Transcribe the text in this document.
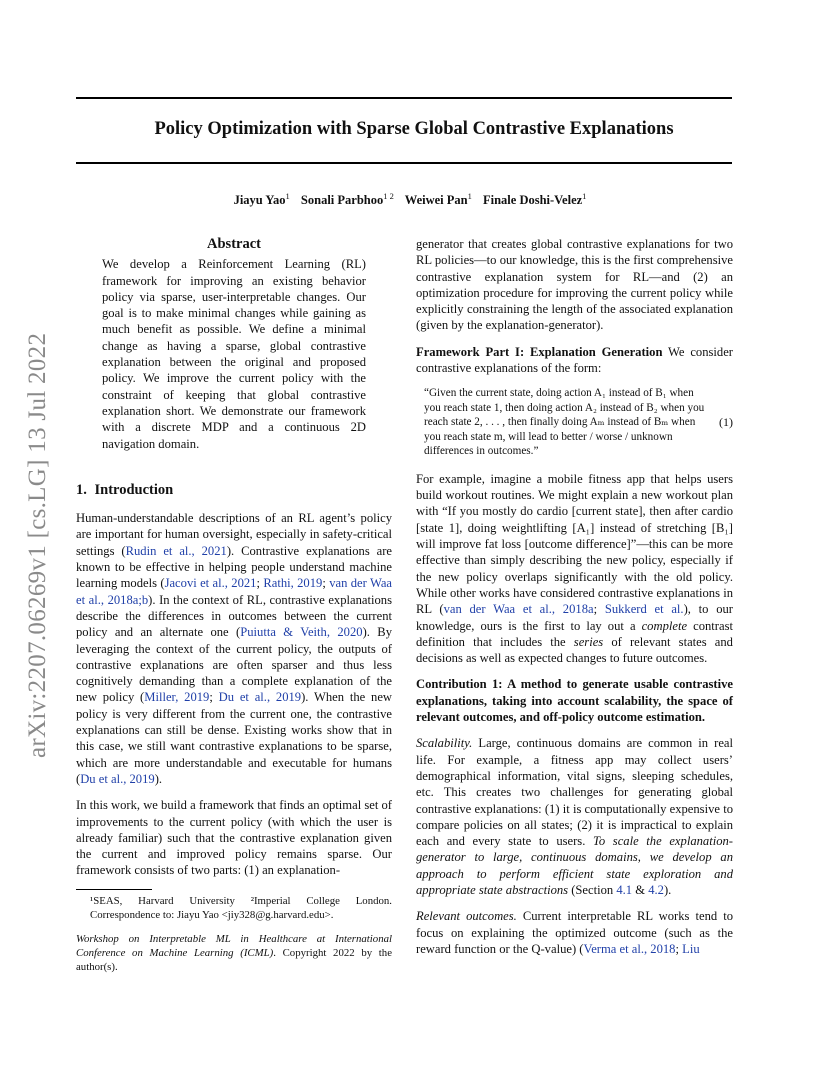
Policy Optimization with Sparse Global Contrastive Explanations
Jiayu Yao$^1$ Sonali Parbhoo$^{1 2}$ Weiwei Pan$^1$ Finale Doshi-Velez$^1$
arXiv:2207.06269v1 [cs.LG] 13 Jul 2022
Abstract

We develop a Reinforcement Learning (RL) framework for improving an existing behavior policy via sparse, user-interpretable changes. Our goal is to make minimal changes while gaining as much benefit as possible. We define a minimal change as having a sparse, global contrastive explanation between the original and proposed policy. We improve the current policy with the constraint of keeping that global contrastive explanation short. We demonstrate our framework with a discrete MDP and a continuous 2D navigation domain.

1. Introduction

Human-understandable descriptions of an RL agent’s policy are important for human oversight, especially in safety-critical settings (Rudin et al., 2021). Contrastive explanations are known to be effective in helping people understand machine learning models (Jacovi et al., 2021; Rathi, 2019; van der Waa et al., 2018a;b). In the context of RL, contrastive explanations describe the differences in outcomes between the current policy and an alternate one (Puiutta & Veith, 2020). By leveraging the context of the current policy, the outputs of contrastive explanations are often sparser and thus less cognitively demanding than a complete explanation of the new policy (Miller, 2019; Du et al., 2019). When the new policy is very different from the current one, the contrastive explanations can still be dense. Existing works show that in this case, we still want contrastive explanations to be sparse, which are more understandable and executable for humans (Du et al., 2019).

In this work, we build a framework that finds an optimal set of improvements to the current policy (with which the user is already familiar) such that the contrastive explanation given the current and improved policy remains sparse. Our framework consists of two parts: (1) an explanation-

¹SEAS, Harvard University ²Imperial College London. Correspondence to: Jiayu Yao <jiy328@g.harvard.edu>.

Workshop on Interpretable ML in Healthcare at International Conference on Machine Learning (ICML). Copyright 2022 by the author(s).

generator that creates global contrastive explanations for two RL policies—to our knowledge, this is the first comprehensive contrastive explanation system for RL—and (2) an optimization procedure for improving the current policy while explicitly constraining the length of the associated explanation (given by the explanation-generator).

Framework Part I: Explanation Generation We consider contrastive explanations of the form:

“Given the current state, doing action A₁ instead of B₁ when you reach state 1, then doing action A₂ instead of B₂ when you reach state 2, . . . , then finally doing Aₘ instead of Bₘ when you reach state m, will lead to better / worse / unknown differences in outcomes.”
(1)

For example, imagine a mobile fitness app that helps users build workout routines. We might explain a new workout plan with “If you mostly do cardio [current state], then after cardio [state 1], doing weightlifting [A₁] instead of stretching [B₁] will improve fat loss [outcome difference]”—this can be more effective than simply describing the new policy, especially if the new policy overlaps significantly with the old policy. While other works have considered contrastive explanations in RL (van der Waa et al., 2018a; Sukkerd et al.), to our knowledge, ours is the first to lay out a complete contrast definition that includes the series of relevant states and decisions as well as expected changes to future outcomes.

Contribution 1: A method to generate usable contrastive explanations, taking into account scalability, the space of relevant outcomes, and off-policy outcome estimation.

Scalability. Large, continuous domains are common in real life. For example, a fitness app may collect users’ demographical information, vital signs, sleeping schedules, etc. This creates two challenges for generating global contrastive explanations: (1) it is computationally expensive to compare policies on all states; (2) it is impractical to explain each and every state to users. To scale the explanation-generator to large, continuous domains, we develop an approach to perform efficient state exploration and appropriate state abstractions (Section 4.1 & 4.2).

Relevant outcomes. Current interpretable RL works tend to focus on explaining the optimized outcome (such as the reward function or the Q-value) (Verma et al., 2018; Liu
